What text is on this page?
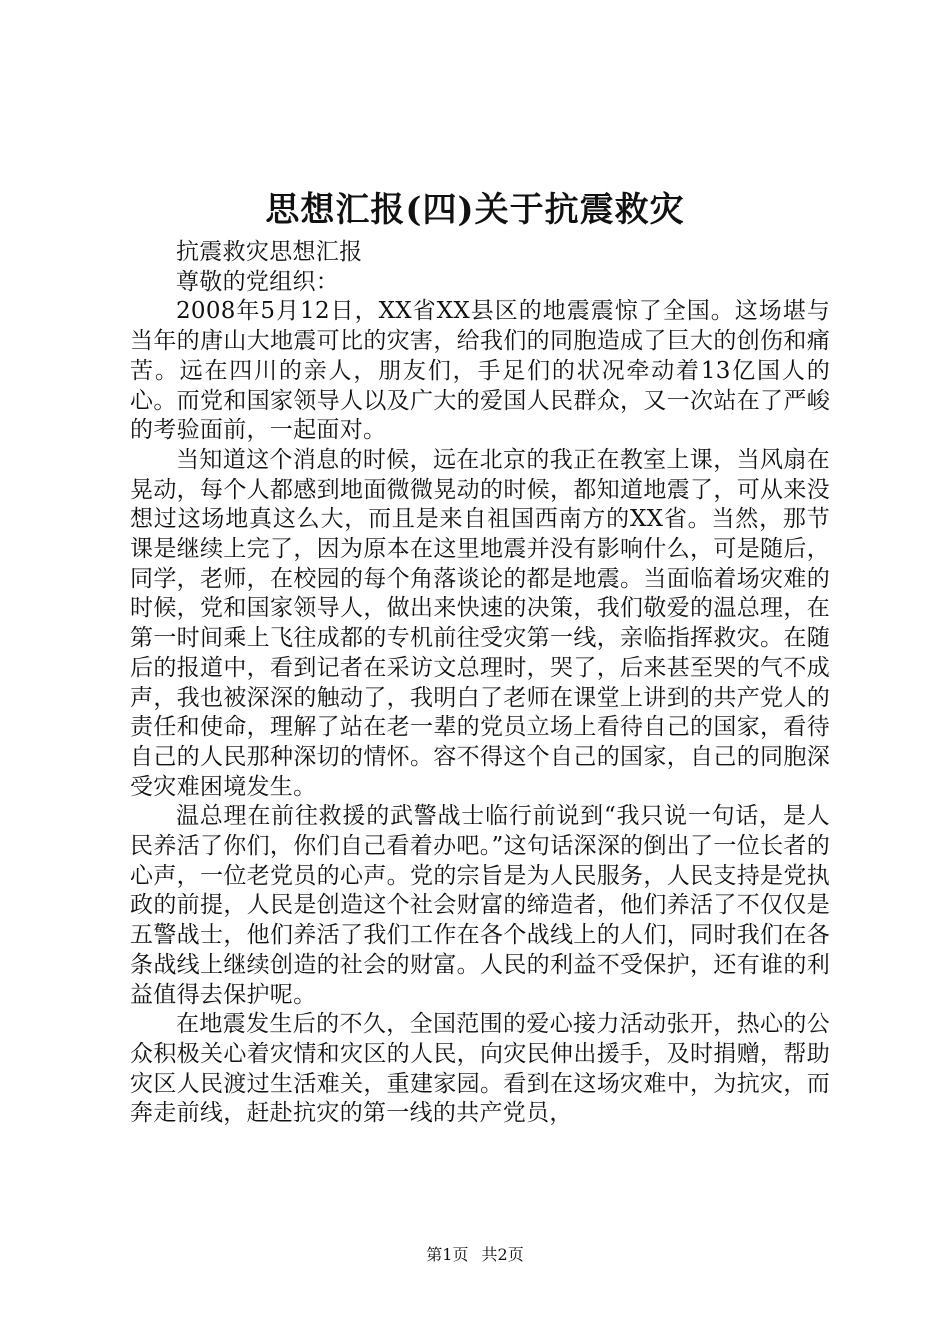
思想汇报(四)关于抗震救灾

抗震救灾思想汇报

尊敬的党组织：

2008年5月12日，XX省XX县区的地震震惊了全国。这场堪与当年的唐山大地震可比的灾害，给我们的同胞造成了巨大的创伤和痛苦。远在四川的亲人，朋友们，手足们的状况牵动着13亿国人的心。而党和国家领导人以及广大的爱国人民群众，又一次站在了严峻的考验面前，一起面对。

当知道这个消息的时候，远在北京的我正在教室上课，当风扇在晃动，每个人都感到地面微微晃动的时候，都知道地震了，可从来没想过这场地真这么大，而且是来自祖国西南方的XX省。当然，那节课是继续上完了，因为原本在这里地震并没有影响什么，可是随后，同学，老师，在校园的每个角落谈论的都是地震。当面临着场灾难的时候，党和国家领导人，做出来快速的决策，我们敬爱的温总理，在第一时间乘上飞往成都的专机前往受灾第一线，亲临指挥救灾。在随后的报道中，看到记者在采访文总理时，哭了，后来甚至哭的气不成声，我也被深深的触动了，我明白了老师在课堂上讲到的共产党人的责任和使命，理解了站在老一辈的党员立场上看待自己的国家，看待自己的人民那种深切的情怀。容不得这个自己的国家，自己的同胞深受灾难困境发生。

温总理在前往救援的武警战士临行前说到“我只说一句话，是人民养活了你们，你们自己看着办吧。”这句话深深的倒出了一位长者的心声，一位老党员的心声。党的宗旨是为人民服务，人民支持是党执政的前提，人民是创造这个社会财富的缔造者，他们养活了不仅仅是五警战士，他们养活了我们工作在各个战线上的人们，同时我们在各条战线上继续创造的社会的财富。人民的利益不受保护，还有谁的利益值得去保护呢。

在地震发生后的不久，全国范围的爱心接力活动张开，热心的公众积极关心着灾情和灾区的人民，向灾民伸出援手，及时捐赠，帮助灾区人民渡过生活难关，重建家园。看到在这场灾难中，为抗灾，而奔走前线，赶赴抗灾的第一线的共产党员，

第1页 共2页
